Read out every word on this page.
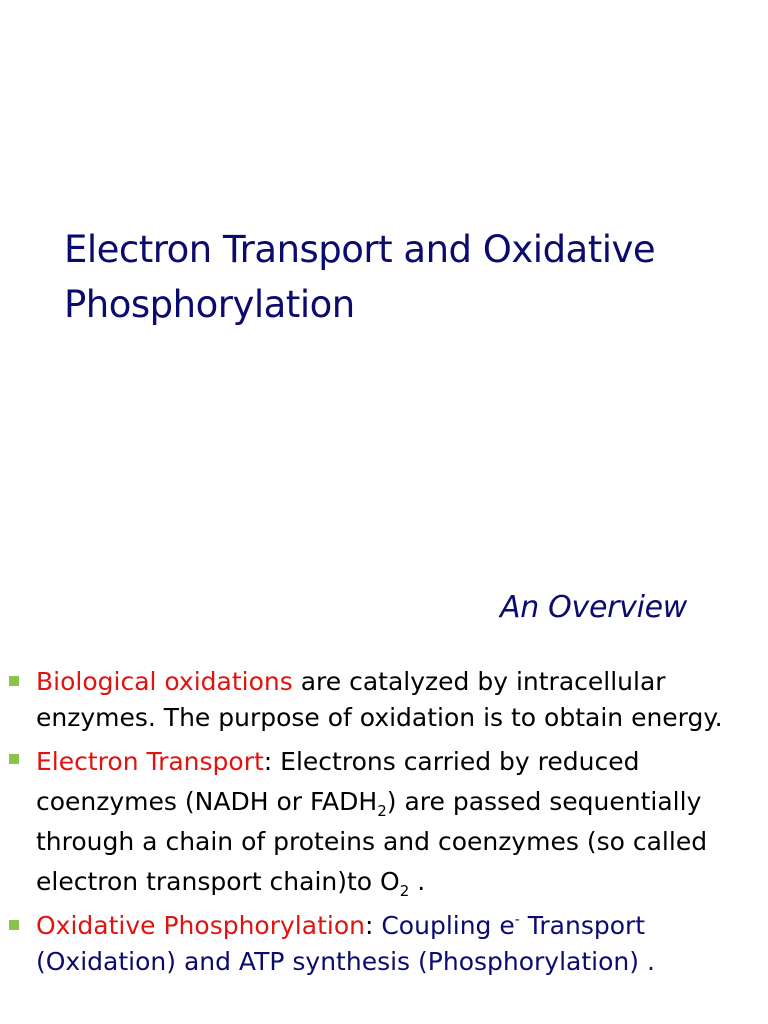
Electron Transport and Oxidative Phosphorylation
An Overview
Biological oxidations are catalyzed by intracellular enzymes. The purpose of oxidation is to obtain energy.
Electron Transport: Electrons carried by reduced coenzymes (NADH or $FADH_2$) are passed sequentially through a chain of proteins and coenzymes (so called electron transport chain)to $O_2$ .
Oxidative Phosphorylation: Coupling e- Transport (Oxidation) and ATP synthesis (Phosphorylation) .
